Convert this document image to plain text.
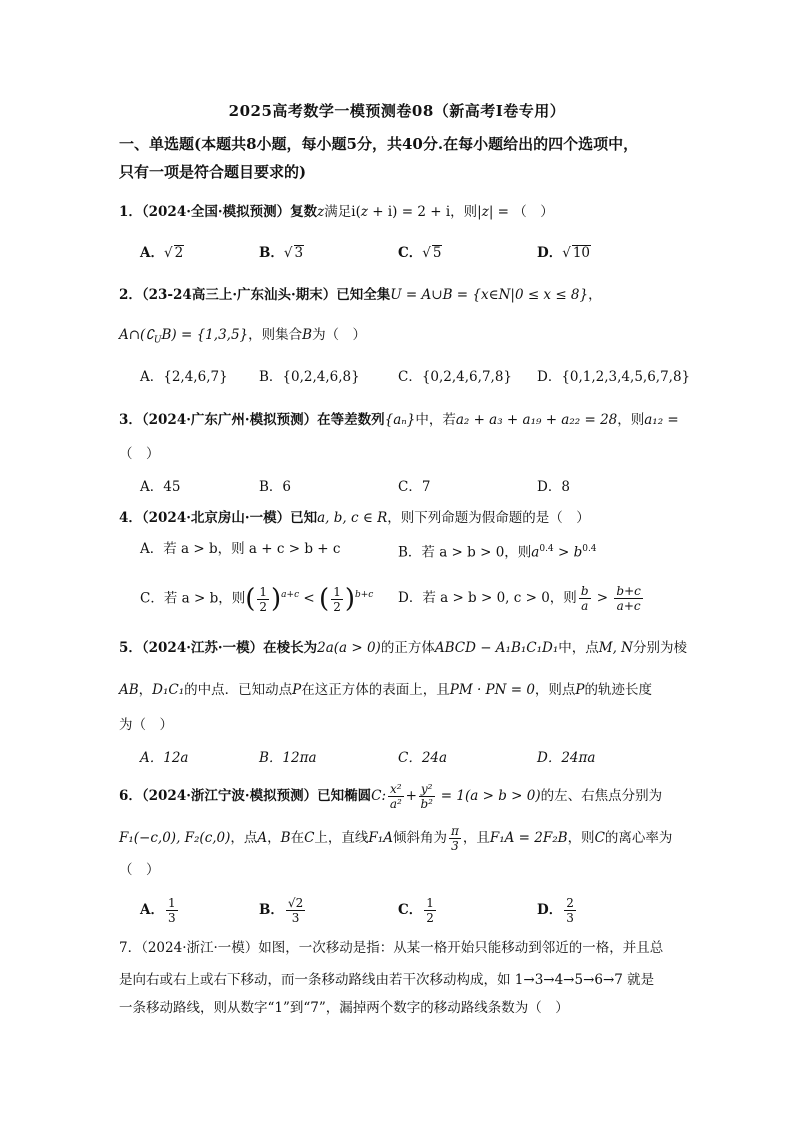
2025高考数学一模预测卷08（新高考Ⅰ卷专用）
一、单选题(本题共8小题，每小题5分，共40分.在每小题给出的四个选项中，
只有一项是符合题目要求的)
1．（2024·全国·模拟预测）复数z满足i(z + i) = 2 + i，则|z| = （　）
A．√ 2	B．√ 3	C．√ 5	D．√ 10
2．（23-24高三上·广东汕头·期末）已知全集U = A∪B = {x∈N|0 ≤ x ≤ 8}，
$A\cap(∁_UB) = \{1,3,5\}$，则集合B为（　）
A．{2,4,6,7} B．{0,2,4,6,8}	C．{0,2,4,6,7,8} D．{0,1,2,3,4,5,6,7,8}
3．（2024·广东广州·模拟预测）在等差数列{aₙ}中，若a₂ + a₃ + a₁₉ + a₂₂ = 28，则a₁₂ =
（　）
A．45	B．6	C．7	D．8
4．（2024·北京房山·一模）已知a, b, c ∈ R，则下列命题为假命题的是（　）
A．若 a > b，则 a + c > b + c	B．若 a > b > 0，则$a^{0.4} > b^{0.4}$
C．若 a > b，则( $\frac{1}{2} )^{a+c}$ < ( $\frac{1}{2} )^{b+c}$ D．若 a > b > 0, c > 0，则 $\frac{b}{a} > \frac{b+c}{a+c}$
5．（2024·江苏·一模）在棱长为2a(a > 0)的正方体ABCD − A₁B₁C₁D₁中，点M, N分别为棱
AB，D₁C₁的中点．已知动点P在这正方体的表面上，且PM · PN = 0，则点P的轨迹长度
为（　）
A．12a	B．12πa	C．24a	D．24πa
6．（2024·浙江宁波·模拟预测）已知椭圆C: $\frac{\text{x²}}{\text{a²}} + \frac{\text{y²}}{\text{b²}} = 1(a > b > 0)$的左、右焦点分别为
F₁(−c,0), F₂(c,0)，点A，B在C上，直线F₁A倾斜角为 $\frac{\pi}{3}$ ，且F₁A = 2F₂B，则C的离心率为
（　）
A． $\frac{1}{3}$	B． $\frac{√2}{3}$	C． $\frac{1}{2}$	D． $\frac{2}{3}$
7．（2024·浙江·一模）如图，一次移动是指：从某一格开始只能移动到邻近的一格，并且总
是向右或右上或右下移动，而一条移动路线由若干次移动构成，如 1→3→4→5→6→7 就是
一条移动路线，则从数字“1”到“7”，漏掉两个数字的移动路线条数为（　）
